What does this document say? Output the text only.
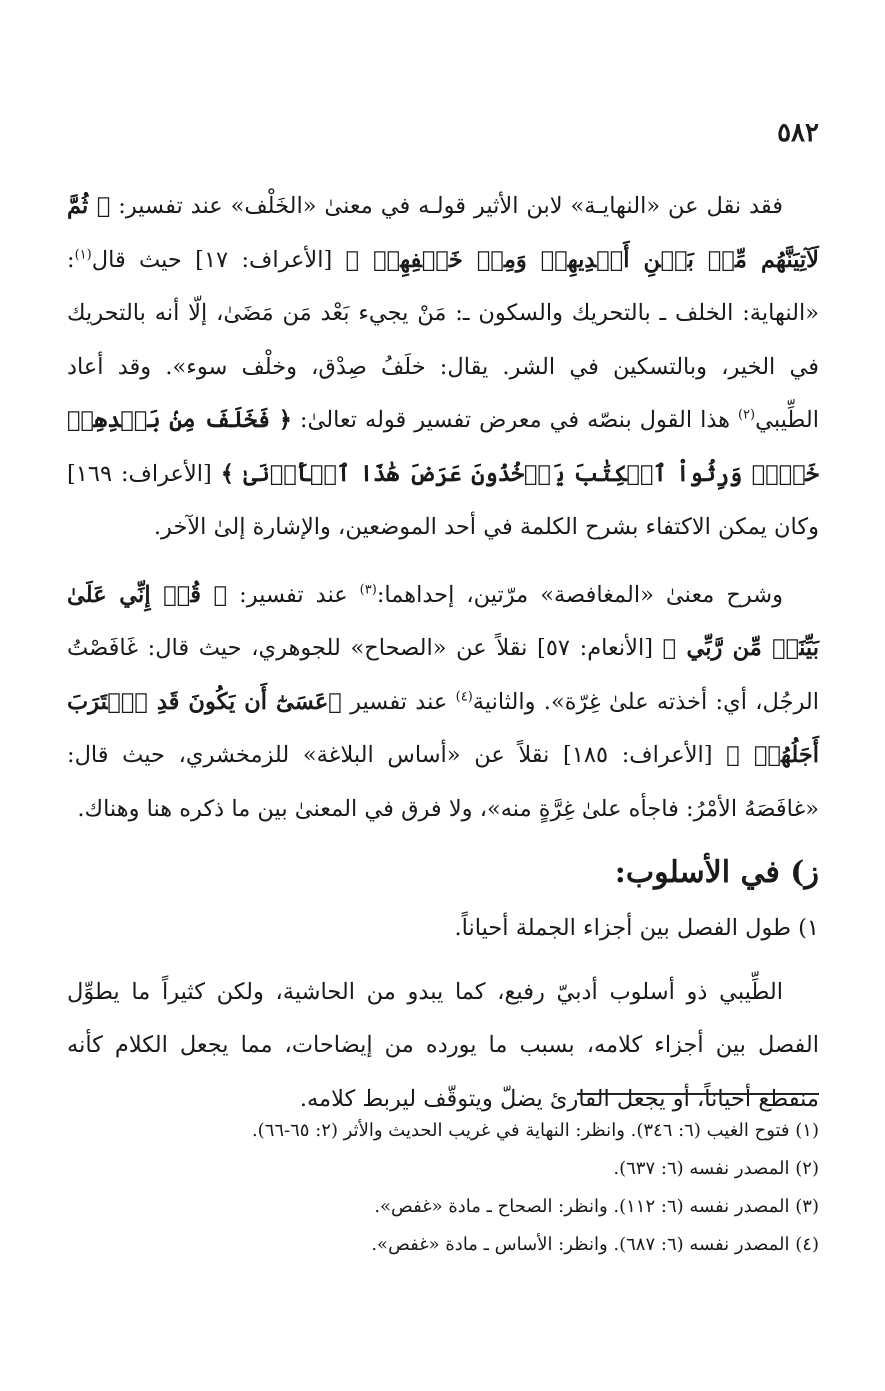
٥٨٢

فقد نقل عن «النهايـة» لابن الأثير قولـه في معنىٰ «الخَلْف» عند تفسير: ﴿ ثُمَّ لَآتِيَنَّهُم مِّنۢ بَيۡنِ أَيۡدِيهِمۡ وَمِنۡ خَلۡفِهِمۡ ﴾ [الأعراف: ١٧] حيث قال$^{(١)}$: «النهاية: الخلف ـ بالتحريك والسكون ـ: مَنْ يجيء بَعْد مَن مَضَىٰ، إلّا أنه بالتحريك في الخير، وبالتسكين في الشر. يقال: خلَفُ صِدْق، وخلْف سوء». وقد أعاد الطِّيبي$^{(٢)}$ هذا القول بنصّه في معرض تفسير قوله تعالىٰ: ﴿ فَخَلَفَ مِنۢ بَعۡدِهِمۡ خَلۡفٞ وَرِثُواْ ٱلۡكِتَٰبَ يَأۡخُذُونَ عَرَضَ هَٰذَا ٱلۡأَدۡنَىٰ ﴾ [الأعراف: ١٦٩] وكان يمكن الاكتفاء بشرح الكلمة في أحد الموضعين، والإشارة إلىٰ الآخر.

وشرح معنىٰ «المغافصة» مرّتين، إحداهما:$^{(٣)}$ عند تفسير: ﴿ قُلۡ إِنِّي عَلَىٰ بَيِّنَةٖ مِّن رَّبِّي ﴾ [الأنعام: ٥٧] نقلاً عن «الصحاح» للجوهري، حيث قال: غَافَصْتُ الرجُل، أي: أخذته علىٰ غِرّة». والثانية$^{(٤)}$ عند تفسير ﴿عَسَىٰٓ أَن يَكُونَ قَدِ ٱقۡتَرَبَ أَجَلُهُمۡ ﴾ [الأعراف: ١٨٥] نقلاً عن «أساس البلاغة» للزمخشري، حيث قال: «غافَصَهُ الأمْرُ: فاجأه علىٰ غِرَّةٍ منه»، ولا فرق في المعنىٰ بين ما ذكره هنا وهناك.

ز) في الأسلوب:
١) طول الفصل بين أجزاء الجملة أحياناً.

الطِّيبي ذو أسلوب أدبيّ رفيع، كما يبدو من الحاشية، ولكن كثيراً ما يطوِّل الفصل بين أجزاء كلامه، بسبب ما يورده من إيضاحات، مما يجعل الكلام كأنه منقطع أحياناً، أو يجعل القارئ يضلّ ويتوقّف ليربط كلامه.

(١) فتوح الغيب (٦: ٣٤٦). وانظر: النهاية في غريب الحديث والأثر (٢: ٦٥-٦٦).

(٢) المصدر نفسه (٦: ٦٣٧).

(٣) المصدر نفسه (٦: ١١٢). وانظر: الصحاح ـ مادة «غفص».

(٤) المصدر نفسه (٦: ٦٨٧). وانظر: الأساس ـ مادة «غفص».
